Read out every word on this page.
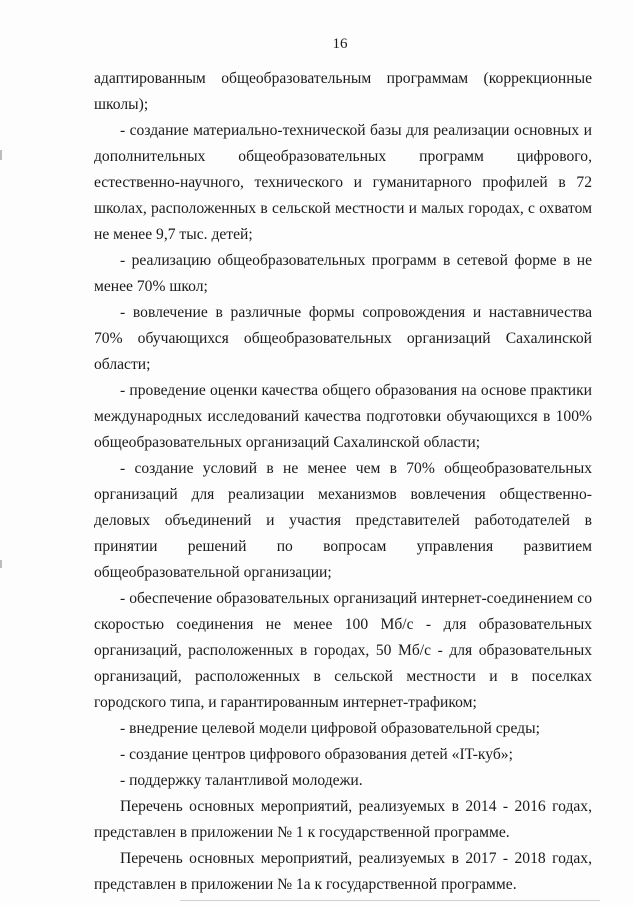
16

адаптированным общеобразовательным программам (коррекционные школы);

- создание материально-технической базы для реализации основных и дополнительных общеобразовательных программ цифрового, естественно-научного, технического и гуманитарного профилей в 72 школах, расположенных в сельской местности и малых городах, с охватом не менее 9,7 тыс. детей;

- реализацию общеобразовательных программ в сетевой форме в не менее 70% школ;

- вовлечение в различные формы сопровождения и наставничества 70% обучающихся общеобразовательных организаций Сахалинской области;

- проведение оценки качества общего образования на основе практики международных исследований качества подготовки обучающихся в 100% общеобразовательных организаций Сахалинской области;

- создание условий в не менее чем в 70% общеобразовательных организаций для реализации механизмов вовлечения общественно-деловых объединений и участия представителей работодателей в принятии решений по вопросам управления развитием общеобразовательной организации;

- обеспечение образовательных организаций интернет-соединением со скоростью соединения не менее 100 Мб/с - для образовательных организаций, расположенных в городах, 50 Мб/с - для образовательных организаций, расположенных в сельской местности и в поселках городского типа, и гарантированным интернет-трафиком;

- внедрение целевой модели цифровой образовательной среды;

- создание центров цифрового образования детей «IT-куб»;

- поддержку талантливой молодежи.

Перечень основных мероприятий, реализуемых в 2014 - 2016 годах, представлен в приложении № 1 к государственной программе.

Перечень основных мероприятий, реализуемых в 2017 - 2018 годах, представлен в приложении № 1а к государственной программе.
